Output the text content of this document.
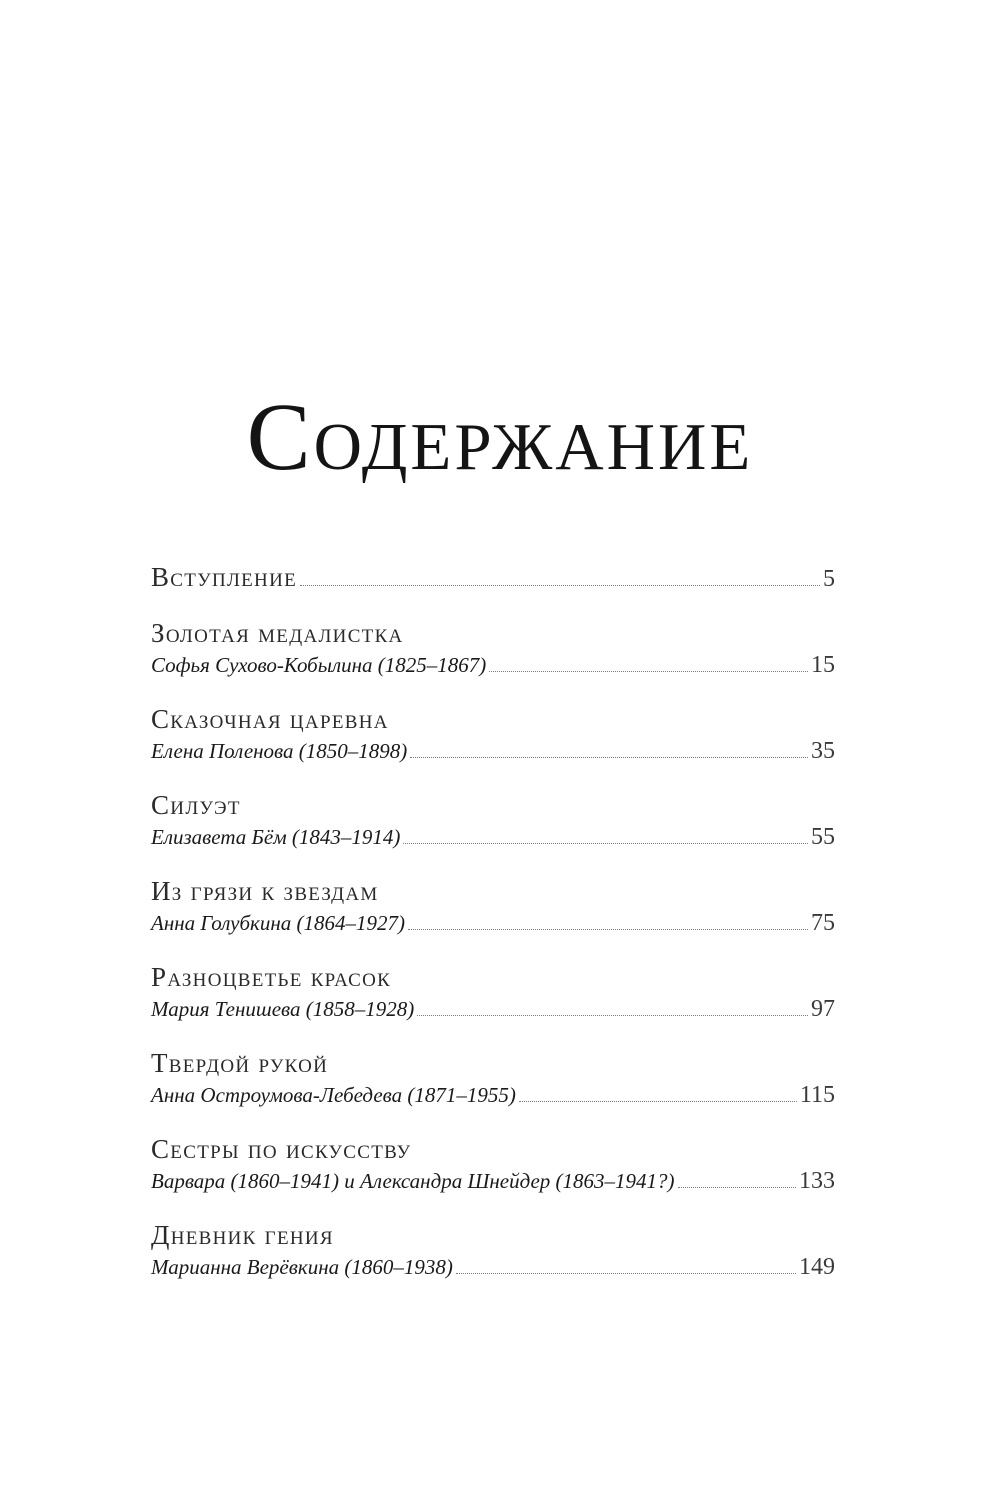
Содержание
Вступление	5
Золотая медалистка
Софья Сухово-Кобылина (1825–1867)	15
Сказочная царевна
Елена Поленова (1850–1898)	35
Силуэт
Елизавета Бём (1843–1914)	55
Из грязи к звездам
Анна Голубкина (1864–1927)	75
Разноцветье красок
Мария Тенишева (1858–1928)	97
Твердой рукой
Анна Остроумова-Лебедева (1871–1955)	115
Сестры по искусству
Варвара (1860–1941) и Александра Шнейдер (1863–1941?)	133
Дневник гения
Марианна Верёвкина (1860–1938)	149
